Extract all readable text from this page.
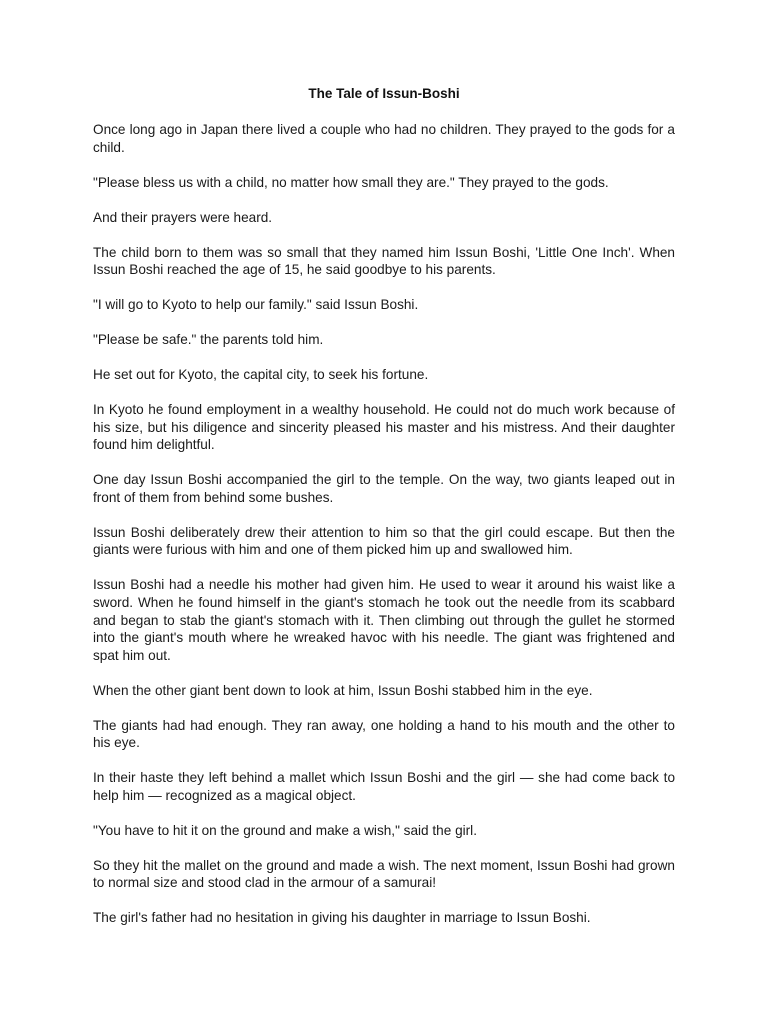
The Tale of Issun-Boshi

Once long ago in Japan there lived a couple who had no children. They prayed to the gods for a child.

"Please bless us with a child, no matter how small they are." They prayed to the gods.

And their prayers were heard.

The child born to them was so small that they named him Issun Boshi, 'Little One Inch'. When Issun Boshi reached the age of 15, he said goodbye to his parents.

"I will go to Kyoto to help our family." said Issun Boshi.

"Please be safe." the parents told him.

He set out for Kyoto, the capital city, to seek his fortune.

In Kyoto he found employment in a wealthy household. He could not do much work because of his size, but his diligence and sincerity pleased his master and his mistress. And their daughter found him delightful.

One day Issun Boshi accompanied the girl to the temple. On the way, two giants leaped out in front of them from behind some bushes.

Issun Boshi deliberately drew their attention to him so that the girl could escape. But then the giants were furious with him and one of them picked him up and swallowed him.

Issun Boshi had a needle his mother had given him. He used to wear it around his waist like a sword. When he found himself in the giant's stomach he took out the needle from its scabbard and began to stab the giant's stomach with it. Then climbing out through the gullet he stormed into the giant's mouth where he wreaked havoc with his needle. The giant was frightened and spat him out.

When the other giant bent down to look at him, Issun Boshi stabbed him in the eye.

The giants had had enough. They ran away, one holding a hand to his mouth and the other to his eye.

In their haste they left behind a mallet which Issun Boshi and the girl — she had come back to help him — recognized as a magical object.

"You have to hit it on the ground and make a wish," said the girl.

So they hit the mallet on the ground and made a wish. The next moment, Issun Boshi had grown to normal size and stood clad in the armour of a samurai!

The girl's father had no hesitation in giving his daughter in marriage to Issun Boshi.
